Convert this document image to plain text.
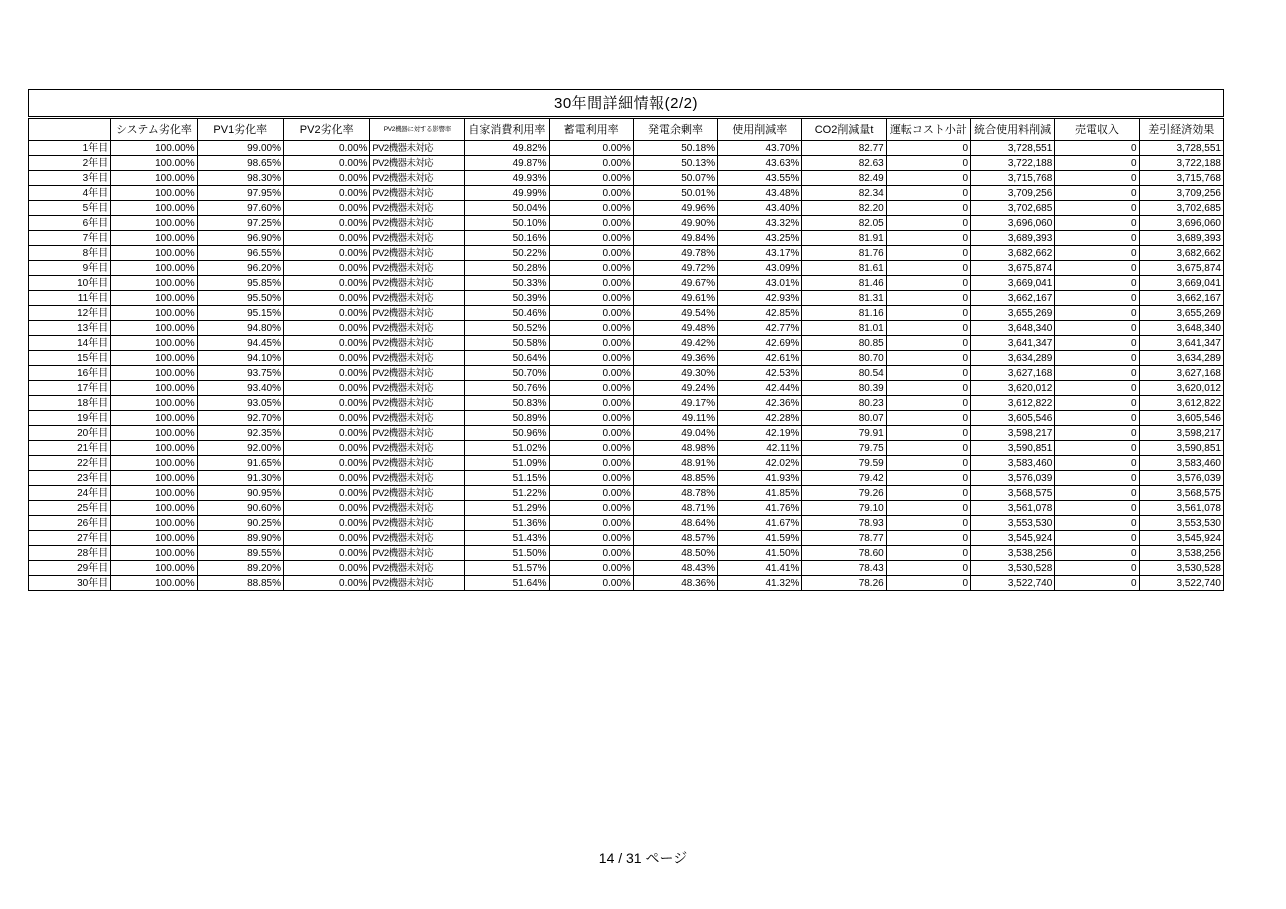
30年間詳細情報(2/2)
	システム劣化率	PV1劣化率	PV2劣化率	PV2機器に対する影響率	自家消費利用率	蓄電利用率	発電余剰率	使用削減率	CO2削減量t	運転コスト小計	統合使用料削減	売電収入	差引経済効果
1年目	100.00%	99.00%	0.00%	PV2機器未対応	49.82%	0.00%	50.18%	43.70%	82.77	0	3,728,551	0	3,728,551
2年目	100.00%	98.65%	0.00%	PV2機器未対応	49.87%	0.00%	50.13%	43.63%	82.63	0	3,722,188	0	3,722,188
3年目	100.00%	98.30%	0.00%	PV2機器未対応	49.93%	0.00%	50.07%	43.55%	82.49	0	3,715,768	0	3,715,768
4年目	100.00%	97.95%	0.00%	PV2機器未対応	49.99%	0.00%	50.01%	43.48%	82.34	0	3,709,256	0	3,709,256
5年目	100.00%	97.60%	0.00%	PV2機器未対応	50.04%	0.00%	49.96%	43.40%	82.20	0	3,702,685	0	3,702,685
6年目	100.00%	97.25%	0.00%	PV2機器未対応	50.10%	0.00%	49.90%	43.32%	82.05	0	3,696,060	0	3,696,060
7年目	100.00%	96.90%	0.00%	PV2機器未対応	50.16%	0.00%	49.84%	43.25%	81.91	0	3,689,393	0	3,689,393
8年目	100.00%	96.55%	0.00%	PV2機器未対応	50.22%	0.00%	49.78%	43.17%	81.76	0	3,682,662	0	3,682,662
9年目	100.00%	96.20%	0.00%	PV2機器未対応	50.28%	0.00%	49.72%	43.09%	81.61	0	3,675,874	0	3,675,874
10年目	100.00%	95.85%	0.00%	PV2機器未対応	50.33%	0.00%	49.67%	43.01%	81.46	0	3,669,041	0	3,669,041
11年目	100.00%	95.50%	0.00%	PV2機器未対応	50.39%	0.00%	49.61%	42.93%	81.31	0	3,662,167	0	3,662,167
12年目	100.00%	95.15%	0.00%	PV2機器未対応	50.46%	0.00%	49.54%	42.85%	81.16	0	3,655,269	0	3,655,269
13年目	100.00%	94.80%	0.00%	PV2機器未対応	50.52%	0.00%	49.48%	42.77%	81.01	0	3,648,340	0	3,648,340
14年目	100.00%	94.45%	0.00%	PV2機器未対応	50.58%	0.00%	49.42%	42.69%	80.85	0	3,641,347	0	3,641,347
15年目	100.00%	94.10%	0.00%	PV2機器未対応	50.64%	0.00%	49.36%	42.61%	80.70	0	3,634,289	0	3,634,289
16年目	100.00%	93.75%	0.00%	PV2機器未対応	50.70%	0.00%	49.30%	42.53%	80.54	0	3,627,168	0	3,627,168
17年目	100.00%	93.40%	0.00%	PV2機器未対応	50.76%	0.00%	49.24%	42.44%	80.39	0	3,620,012	0	3,620,012
18年目	100.00%	93.05%	0.00%	PV2機器未対応	50.83%	0.00%	49.17%	42.36%	80.23	0	3,612,822	0	3,612,822
19年目	100.00%	92.70%	0.00%	PV2機器未対応	50.89%	0.00%	49.11%	42.28%	80.07	0	3,605,546	0	3,605,546
20年目	100.00%	92.35%	0.00%	PV2機器未対応	50.96%	0.00%	49.04%	42.19%	79.91	0	3,598,217	0	3,598,217
21年目	100.00%	92.00%	0.00%	PV2機器未対応	51.02%	0.00%	48.98%	42.11%	79.75	0	3,590,851	0	3,590,851
22年目	100.00%	91.65%	0.00%	PV2機器未対応	51.09%	0.00%	48.91%	42.02%	79.59	0	3,583,460	0	3,583,460
23年目	100.00%	91.30%	0.00%	PV2機器未対応	51.15%	0.00%	48.85%	41.93%	79.42	0	3,576,039	0	3,576,039
24年目	100.00%	90.95%	0.00%	PV2機器未対応	51.22%	0.00%	48.78%	41.85%	79.26	0	3,568,575	0	3,568,575
25年目	100.00%	90.60%	0.00%	PV2機器未対応	51.29%	0.00%	48.71%	41.76%	79.10	0	3,561,078	0	3,561,078
26年目	100.00%	90.25%	0.00%	PV2機器未対応	51.36%	0.00%	48.64%	41.67%	78.93	0	3,553,530	0	3,553,530
27年目	100.00%	89.90%	0.00%	PV2機器未対応	51.43%	0.00%	48.57%	41.59%	78.77	0	3,545,924	0	3,545,924
28年目	100.00%	89.55%	0.00%	PV2機器未対応	51.50%	0.00%	48.50%	41.50%	78.60	0	3,538,256	0	3,538,256
29年目	100.00%	89.20%	0.00%	PV2機器未対応	51.57%	0.00%	48.43%	41.41%	78.43	0	3,530,528	0	3,530,528
30年目	100.00%	88.85%	0.00%	PV2機器未対応	51.64%	0.00%	48.36%	41.32%	78.26	0	3,522,740	0	3,522,740
14 / 31 ページ
